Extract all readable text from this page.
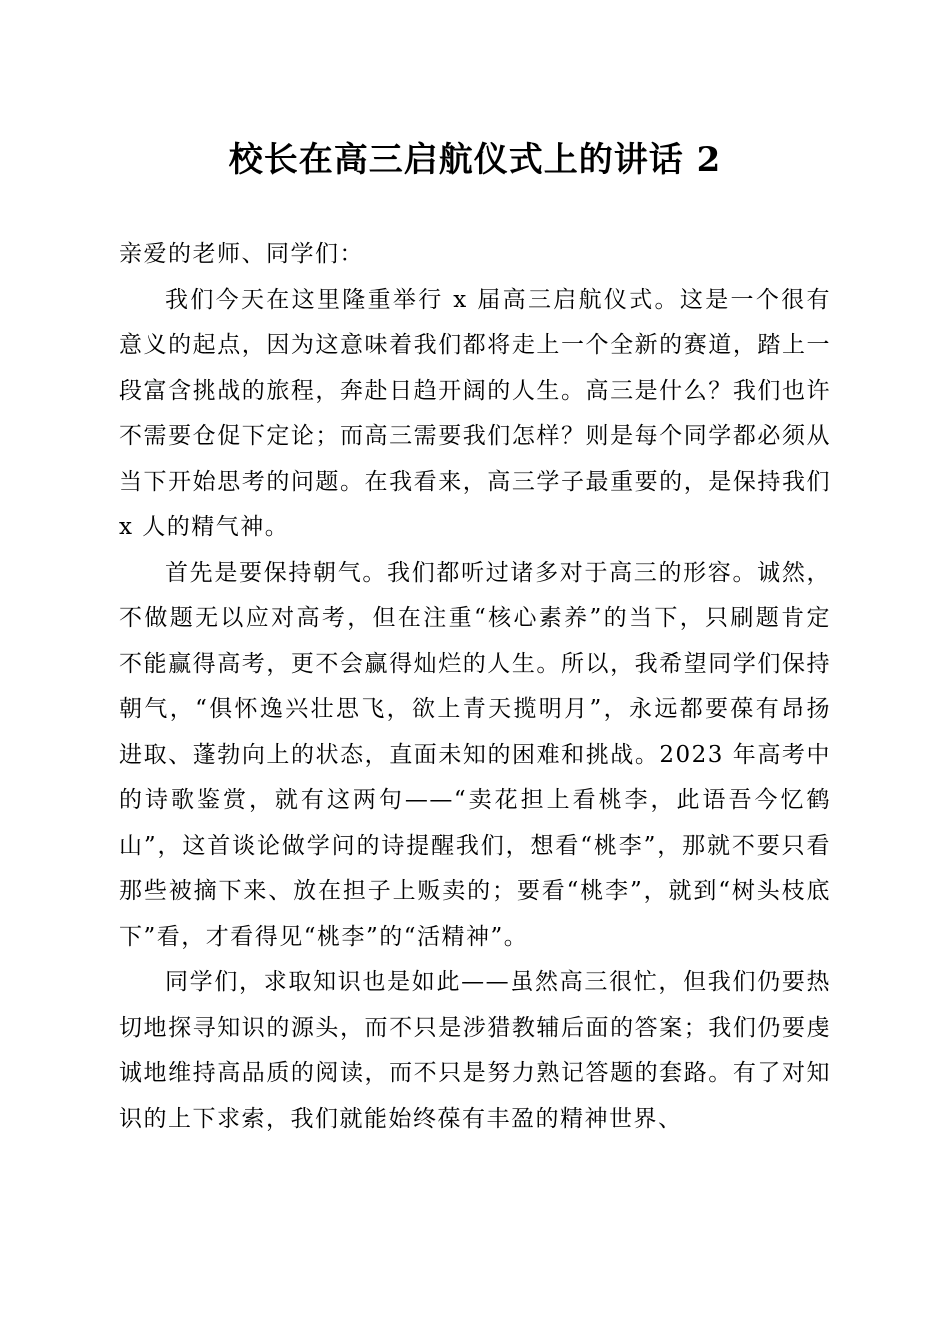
校长在高三启航仪式上的讲话 2

亲爱的老师、同学们：

我们今天在这里隆重举行 x 届高三启航仪式。这是一个很有意义的起点，因为这意味着我们都将走上一个全新的赛道，踏上一段富含挑战的旅程，奔赴日趋开阔的人生。高三是什么？我们也许不需要仓促下定论；而高三需要我们怎样？则是每个同学都必须从当下开始思考的问题。在我看来，高三学子最重要的，是保持我们 x 人的精气神。

首先是要保持朝气。我们都听过诸多对于高三的形容。诚然，不做题无以应对高考，但在注重“核心素养”的当下，只刷题肯定不能赢得高考，更不会赢得灿烂的人生。所以，我希望同学们保持朝气，“俱怀逸兴壮思飞，欲上青天揽明月”，永远都要葆有昂扬进取、蓬勃向上的状态，直面未知的困难和挑战。2023 年高考中的诗歌鉴赏，就有这两句——“卖花担上看桃李，此语吾今忆鹤山”，这首谈论做学问的诗提醒我们，想看“桃李”，那就不要只看那些被摘下来、放在担子上贩卖的；要看“桃李”，就到“树头枝底下”看，才看得见“桃李”的“活精神”。

同学们，求取知识也是如此——虽然高三很忙，但我们仍要热切地探寻知识的源头，而不只是涉猎教辅后面的答案；我们仍要虔诚地维持高品质的阅读，而不只是努力熟记答题的套路。有了对知识的上下求索，我们就能始终葆有丰盈的精神世界、
